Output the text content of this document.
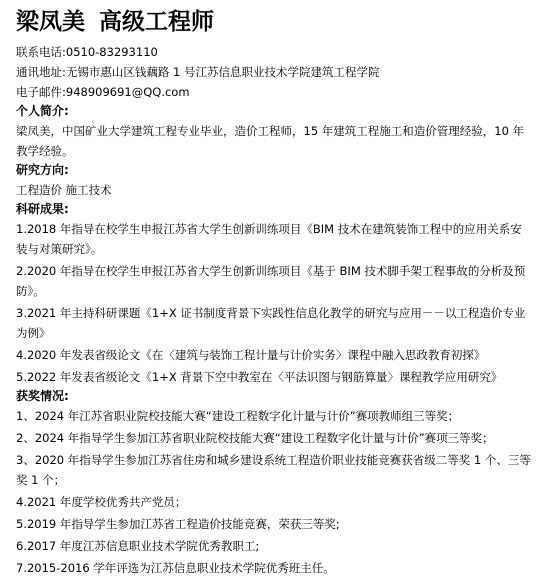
梁凤美 高级工程师
联系电话:0510-83293110
通讯地址:无锡市惠山区钱藕路 1 号江苏信息职业技术学院建筑工程学院
电子邮件:948909691@QQ.com
个人简介:
梁凤美，中国矿业大学建筑工程专业毕业，造价工程师，15 年建筑工程施工和造价管理经验，10 年教学经验。
研究方向:
工程造价 施工技术
科研成果:
1.2018 年指导在校学生申报江苏省大学生创新训练项目《BIM 技术在建筑装饰工程中的应用关系安装与对策研究》。
2.2020 年指导在校学生申报江苏省大学生创新训练项目《基于 BIM 技术脚手架工程事故的分析及预防》。
3.2021 年主持科研课题《1+X 证书制度背景下实践性信息化教学的研究与应用－－以工程造价专业为例》
4.2020 年发表省级论文《在〈建筑与装饰工程计量与计价实务〉课程中融入思政教育初探》
5.2022 年发表省级论文《1+X 背景下空中教室在〈平法识图与钢筋算量〉课程教学应用研究》
获奖情况:
1、2024 年江苏省职业院校技能大赛“建设工程数字化计量与计价”赛项教师组三等奖；
2、2024 年指导学生参加江苏省职业院校技能大赛“建设工程数字化计量与计价”赛项三等奖；
3、2020 年指导学生参加江苏省住房和城乡建设系统工程造价职业技能竞赛获省级二等奖 1 个、三等奖 1 个；
4.2021 年度学校优秀共产党员；
5.2019 年指导学生参加江苏省工程造价技能竞赛，荣获三等奖;
6.2017 年度江苏信息职业技术学院优秀教职工;
7.2015-2016 学年评选为江苏信息职业技术学院优秀班主任。
